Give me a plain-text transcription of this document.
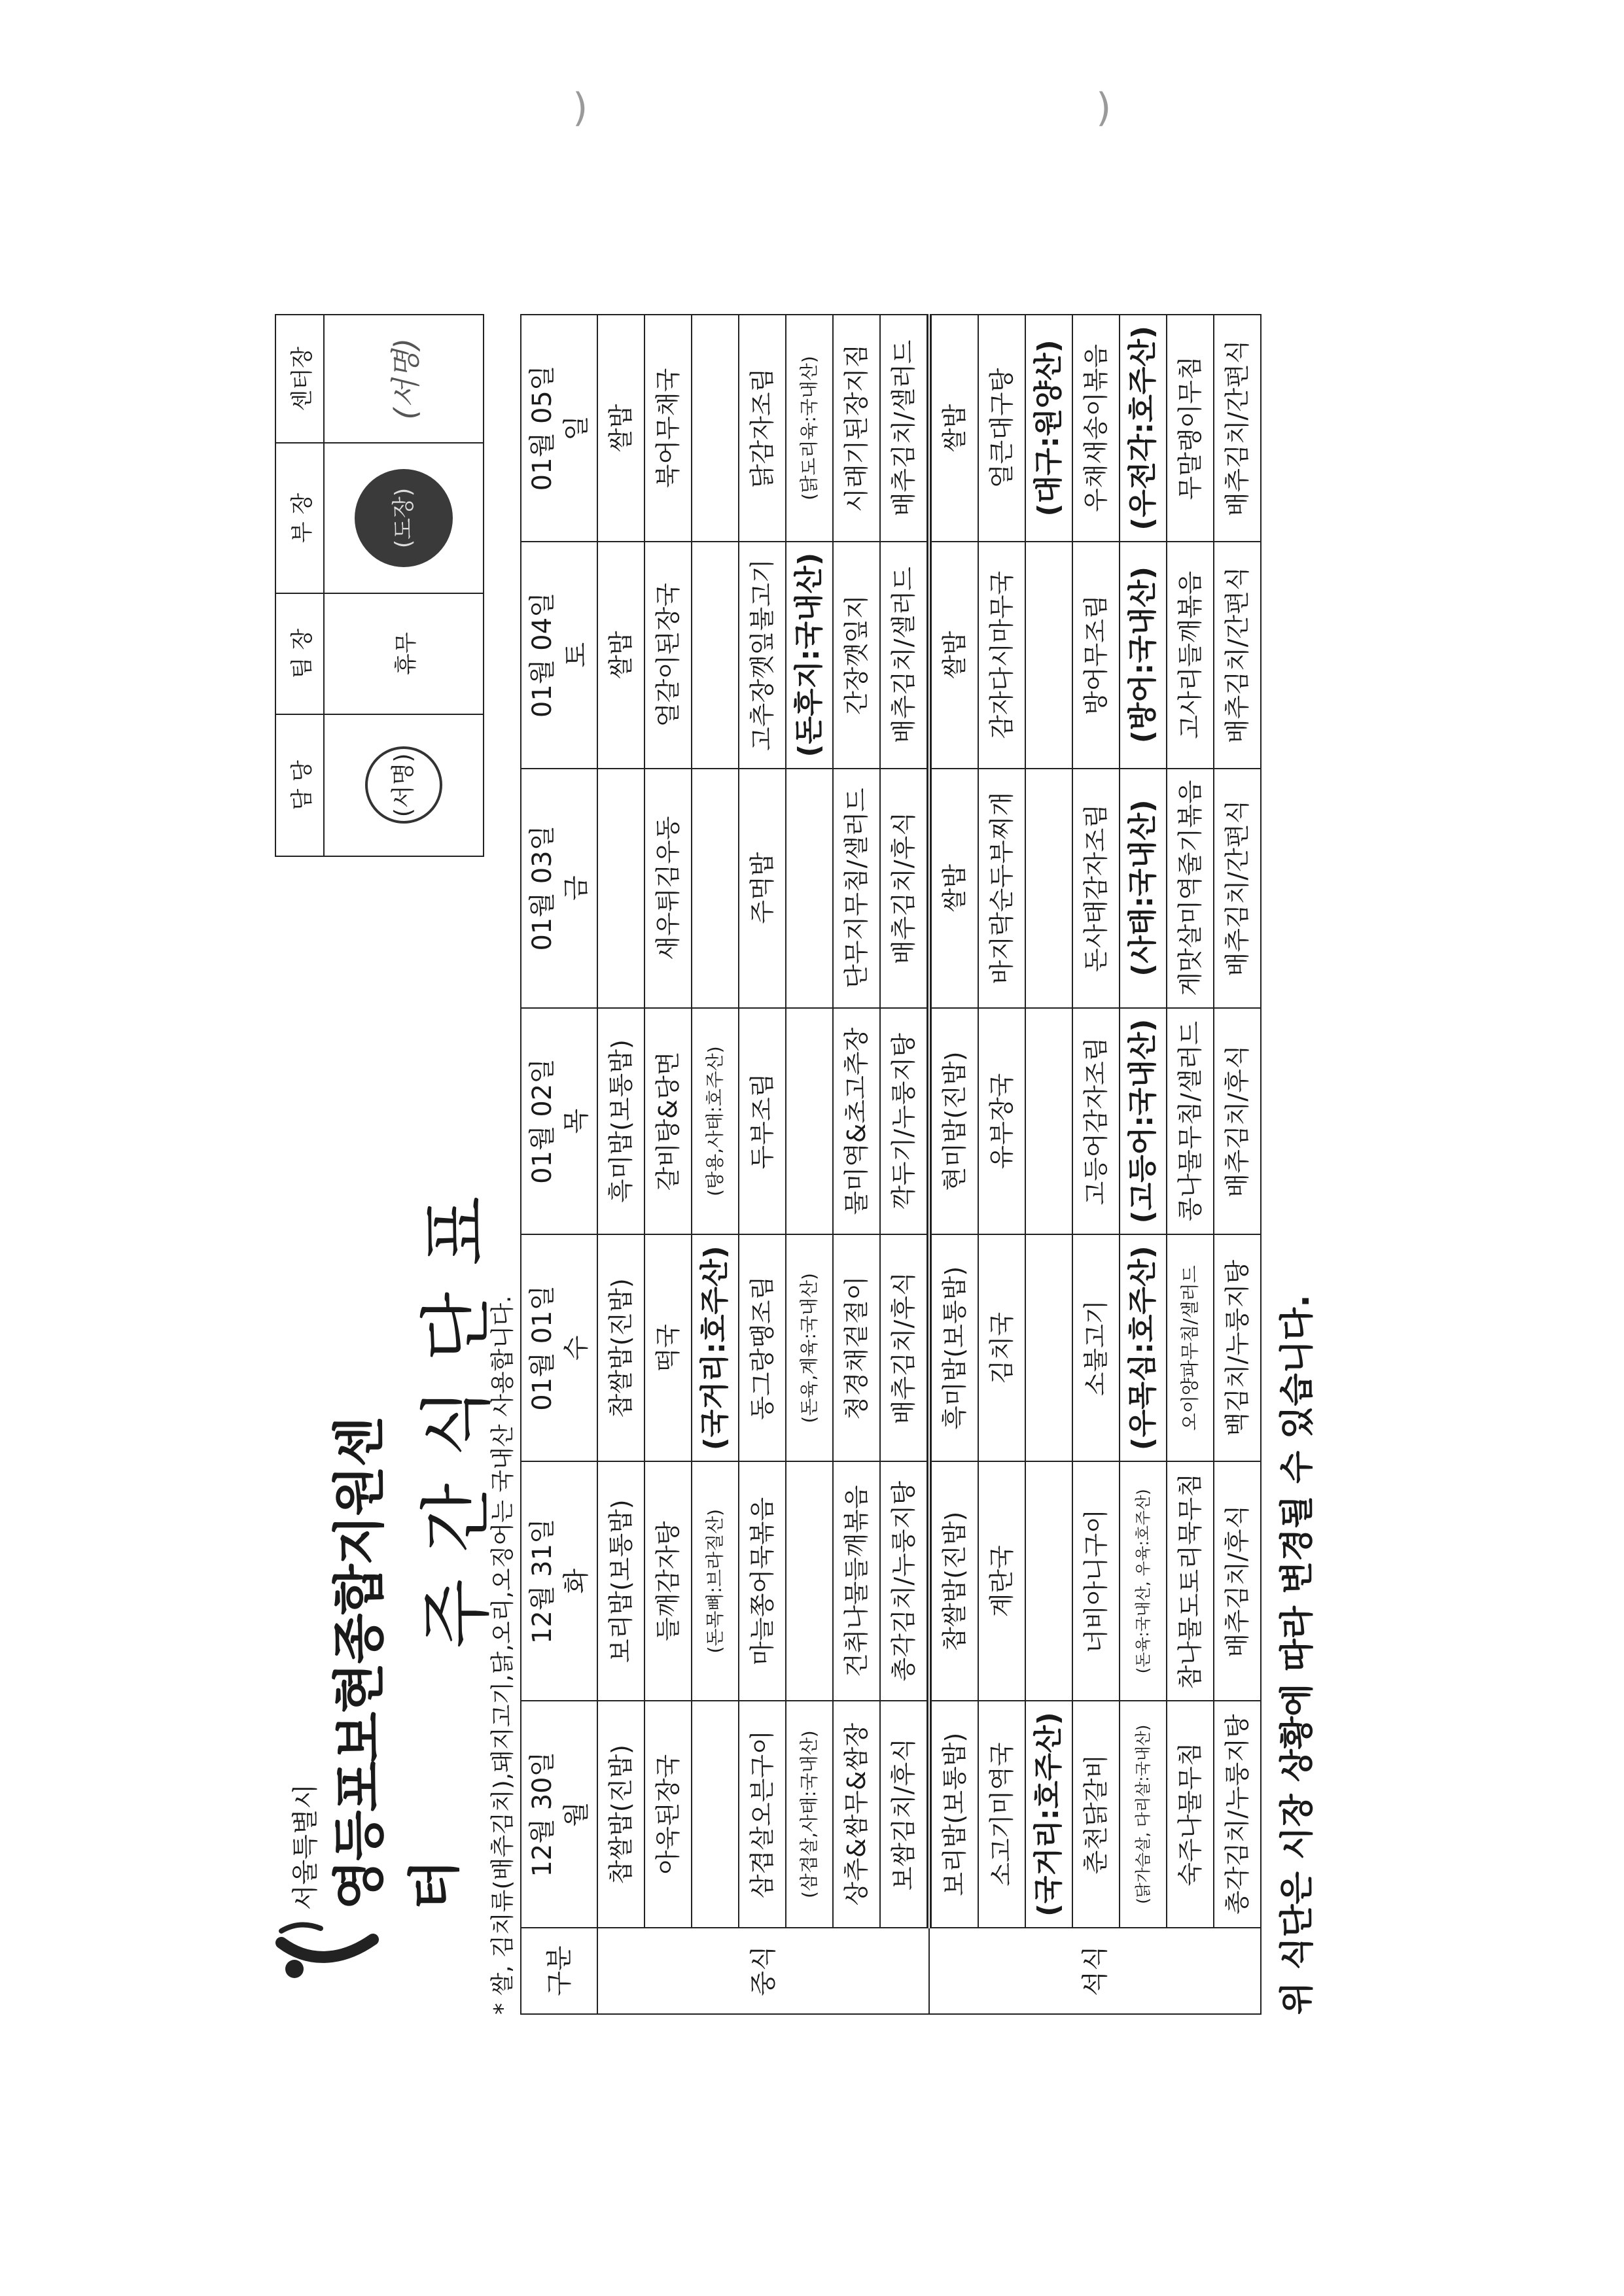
)	)
서울특별시 영등포보현종합지원센터
주간식단표
담 당	팀 장	부 장	센터장
(서명)	휴무	(도장)	(서명)
* 쌀, 김치류(배추김치),돼지고기,닭,오리,오징어는 국내산 사용합니다. 구분	12월 30일 월	12월 31일 화	01월 01일 수	01월 02일 목	01월 03일 금	01월 04일 토	01월 05일 일
중식	찹쌀밥(진밥)	보리밥(보통밥)	찹쌀밥(진밥)	흑미밥(보통밥)		쌀밥	쌀밥
	아욱된장국	들깨감자탕	떡국	갈비탕&당면	새우튀김우동	얼갈이된장국	북어무채국
		(돈목뼈:브라질산)	(국거리:호주산)	(탕용,사태:호주산)			
	삼겹살오븐구이	마늘쫑어묵볶음	동그랑땡조림	두부조림	주먹밥	고추장깻잎불고기	닭감자조림
	(삼겹살,사태:국내산)		(돈육,계육:국내산)			(돈후지:국내산)	(닭도리육:국내산)
	상추&쌈무&쌈장	건취나물들깨볶음	청경채겉절이	물미역&초고추장	단무지무침/샐러드	간장깻잎지	시래기된장지짐
	보쌈김치/후식	총각김치/누룽지탕	배추김치/후식	깍두기/누룽지탕	배추김치/후식	배추김치/샐러드	배추김치/샐러드
석식	보리밥(보통밥)	찹쌀밥(진밥)	흑미밥(보통밥)	현미밥(진밥)	쌀밥	쌀밥	쌀밥
	소고기미역국	계란국	김치국	유부장국	바지락순두부찌개	감자다시마무국	얼큰대구탕
	(국거리:호주산)						(대구:원양산)
	춘천닭갈비	너비아니구이	소불고기	고등어감자조림	돈사태감자조림	방어무조림	우채새송이볶음
	(닭가슴살, 다리살:국내산)	(돈육:국내산, 우육:호주산)	(우목심:호주산)	(고등어:국내산)	(사태:국내산)	(방어:국내산)	(우전각:호주산)
	숙주나물무침	참나물도토리묵무침	오이양파무침/샐러드	콩나물무침/샐러드	게맛살미역줄기볶음	고사리들깨볶음	무말랭이무침
	총각김치/누룽지탕	배추김치/후식	백김치/누룽지탕	배추김치/후식	배추김치/간편식	배추김치/간편식	배추김치/간편식
위 식단은 시장 상황에 따라 변경될 수 있습니다.
